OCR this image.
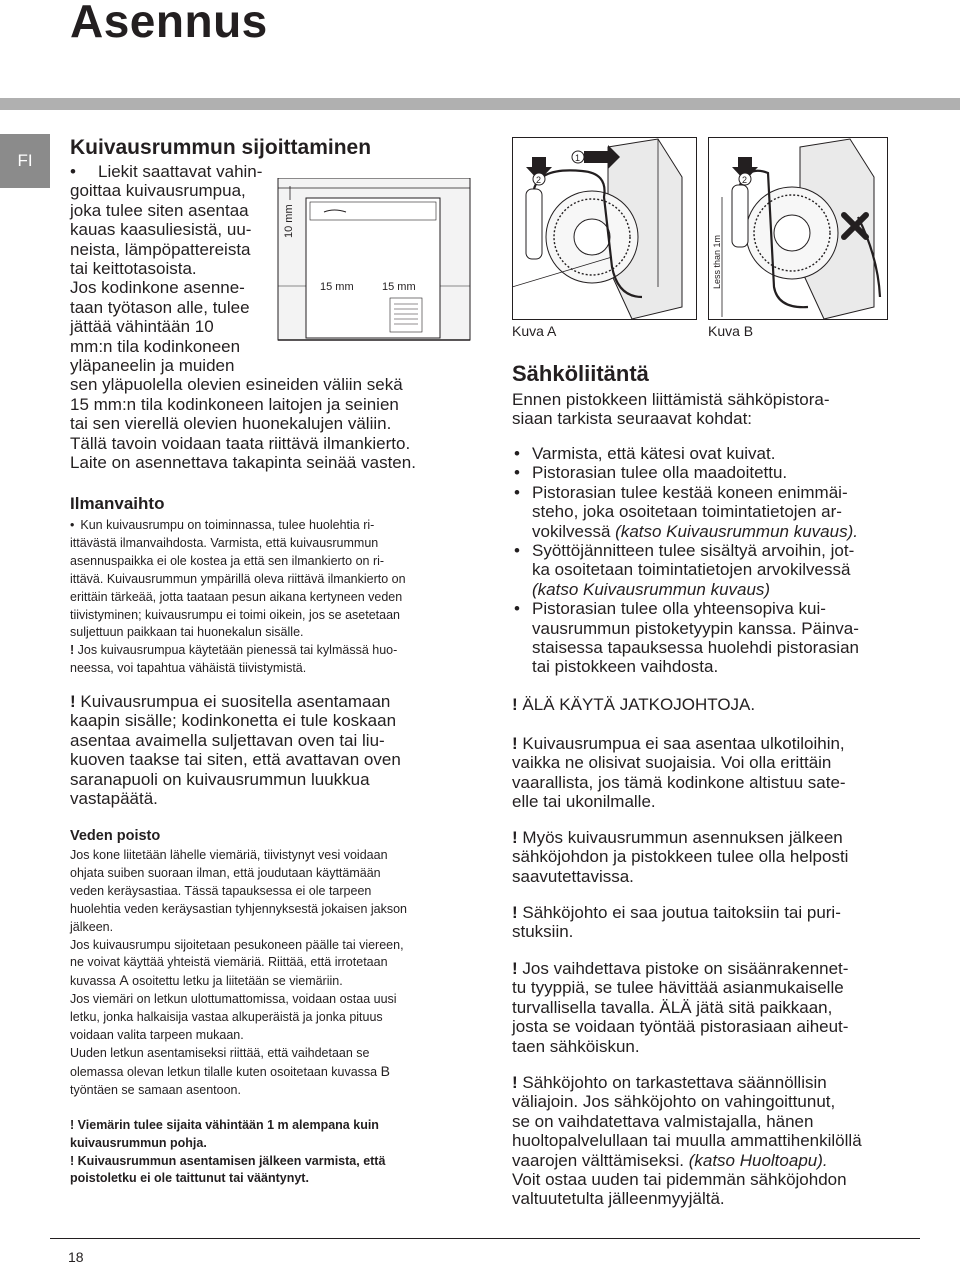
Asennus
FI
Kuivausrummun sijoittaminen
10 mm
15 mm	15 mm
Liekit saattavat vahin-
goittaa kuivausrumpua,
joka tulee siten asentaa
kauas kaasuliesistä, uu-
neista, lämpöpattereista
tai keittotasoista.
Jos kodinkone asenne-
taan työtason alle, tulee
jättää vähintään 10
mm:n tila kodinkoneen
yläpaneelin ja muiden
sen yläpuolella olevien esineiden väliin sekä
15 mm:n tila kodinkoneen laitojen ja seinien
tai sen vierellä olevien huonekalujen väliin.
Tällä tavoin voidaan taata riittävä ilmankierto.
Laite on asennettava takapinta seinää vasten.
Ilmanvaihto
• Kun kuivausrumpu on toiminnassa, tulee huolehtia ri-
ittävästä ilmanvaihdosta. Varmista, että kuivausrummun
asennuspaikka ei ole kostea ja että sen ilmankierto on ri-
ittävä. Kuivausrummun ympärillä oleva riittävä ilmankierto on
erittäin tärkeää, jotta taataan pesun aikana kertyneen veden
tiivistyminen; kuivausrumpu ei toimi oikein, jos se asetetaan
suljettuun paikkaan tai huonekalun sisälle.
! Jos kuivausrumpua käytetään pienessä tai kylmässä huo-
neessa, voi tapahtua vähäistä tiivistymistä.
! Kuivausrumpua ei suositella asentamaan
kaapin sisälle; kodinkonetta ei tule koskaan
asentaa avaimella suljettavan oven tai liu-
kuoven taakse tai siten, että avattavan oven
saranapuoli on kuivausrummun luukkua
vastapäätä.
Veden poisto
Jos kone liitetään lähelle viemäriä, tiivistynyt vesi voidaan
ohjata suiben suoraan ilman, että joudutaan käyttämään
veden keräysastiaa. Tässä tapauksessa ei ole tarpeen
huolehtia veden keräysastian tyhjennyksestä jokaisen jakson
jälkeen.
Jos kuivausrumpu sijoitetaan pesukoneen päälle tai viereen,
ne voivat käyttää yhteistä viemäriä. Riittää, että irrotetaan
kuvassa A osoitettu letku ja liitetään se viemäriin.
Jos viemäri on letkun ulottumattomissa, voidaan ostaa uusi
letku, jonka halkaisija vastaa alkuperäistä ja jonka pituus
voidaan valita tarpeen mukaan.
Uuden letkun asentamiseksi riittää, että vaihdetaan se
olemassa olevan letkun tilalle kuten osoitetaan kuvassa B
työntäen se samaan asentoon.
! Viemärin tulee sijaita vähintään 1 m alempana kuin
kuivausrummun pohja.
! Kuivausrummun asentamisen jälkeen varmista, että
poistoletku ei ole taittunut tai vääntynyt.
2
1
Kuva A
2
Less than 1m
Kuva B
Sähköliitäntä
Ennen pistokkeen liittämistä sähköpistora-
siaan tarkista seuraavat kohdat:
• Varmista, että kätesi ovat kuivat.
• Pistorasian tulee olla maadoitettu.
• Pistorasian tulee kestää koneen enimmäi-
steho, joka osoitetaan toimintatietojen ar-
vokilvessä (katso Kuivausrummun kuvaus).
• Syöttöjännitteen tulee sisältyä arvoihin, jot-
ka osoitetaan toimintatietojen arvokilvessä
(katso Kuivausrummun kuvaus)
• Pistorasian tulee olla yhteensopiva kui-
vausrummun pistoketyypin kanssa. Päinva-
staisessa tapauksessa huolehdi pistorasian
tai pistokkeen vaihdosta.
! ÄLÄ KÄYTÄ JATKOJOHTOJA.
! Kuivausrumpua ei saa asentaa ulkotiloihin,
vaikka ne olisivat suojaisia. Voi olla erittäin
vaarallista, jos tämä kodinkone altistuu sate-
elle tai ukonilmalle.
! Myös kuivausrummun asennuksen jälkeen
sähköjohdon ja pistokkeen tulee olla helposti
saavutettavissa.
! Sähköjohto ei saa joutua taitoksiin tai puri-
stuksiin.
! Jos vaihdettava pistoke on sisäänrakennet-
tu tyyppiä, se tulee hävittää asianmukaiselle
turvallisella tavalla. ÄLÄ jätä sitä paikkaan,
josta se voidaan työntää pistorasiaan aiheut-
taen sähköiskun.
! Sähköjohto on tarkastettava säännöllisin
väliajoin. Jos sähköjohto on vahingoittunut,
se on vaihdatettava valmistajalla, hänen
huoltopalvelullaan tai muulla ammattihenkilöllä
vaarojen välttämiseksi. (katso Huoltoapu).
Voit ostaa uuden tai pidemmän sähköjohdon
valtuutetulta jälleenmyyjältä.
18
